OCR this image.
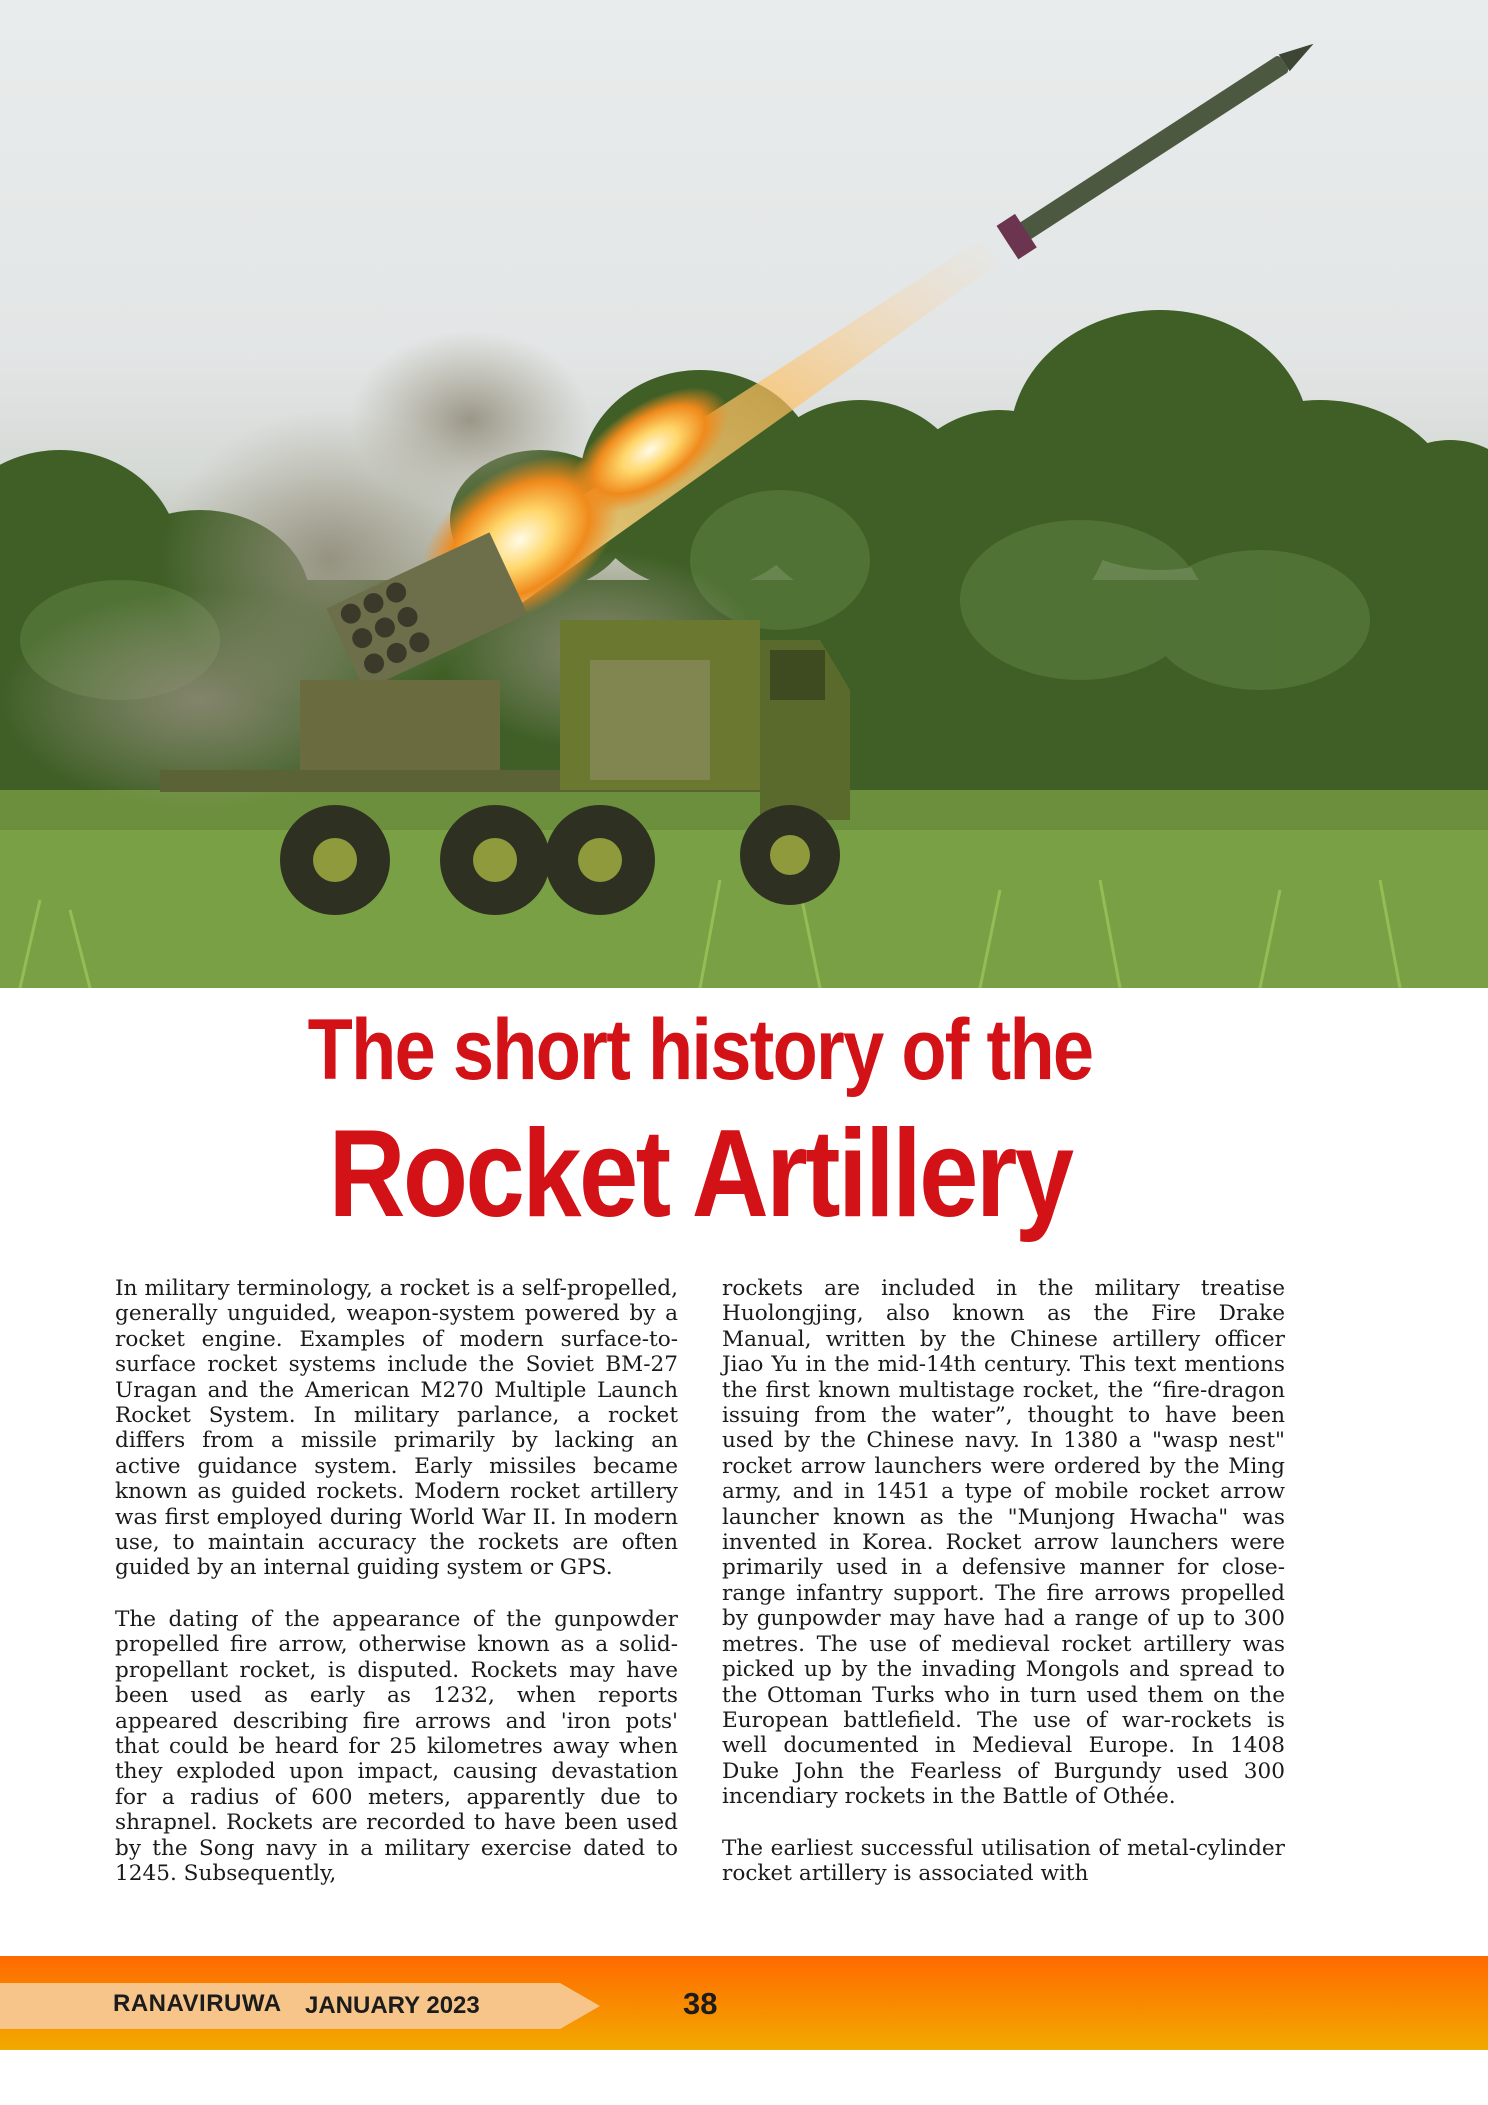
The short history of the
Rocket Artillery

In military terminology, a rocket is a self-propelled, generally unguided, weapon-system powered by a rocket engine. Examples of modern surface-to-surface rocket systems include the Soviet BM-27 Uragan and the American M270 Multiple Launch Rocket System. In military parlance, a rocket differs from a missile primarily by lacking an active guidance system. Early missiles became known as guided rockets. Modern rocket artillery was first employed during World War II. In modern use, to maintain accuracy the rockets are often guided by an internal guiding system or GPS.

The dating of the appearance of the gunpowder propelled fire arrow, otherwise known as a solid-propellant rocket, is disputed. Rockets may have been used as early as 1232, when reports appeared describing fire arrows and 'iron pots' that could be heard for 25 kilometres away when they exploded upon impact, causing devastation for a radius of 600 meters, apparently due to shrapnel. Rockets are recorded to have been used by the Song navy in a military exercise dated to 1245. Subsequently,

rockets are included in the military treatise Huolongjing, also known as the Fire Drake Manual, written by the Chinese artillery officer Jiao Yu in the mid-14th century. This text mentions the first known multistage rocket, the “fire-dragon issuing from the water”, thought to have been used by the Chinese navy. In 1380 a "wasp nest" rocket arrow launchers were ordered by the Ming army, and in 1451 a type of mobile rocket arrow launcher known as the "Munjong Hwacha" was invented in Korea. Rocket arrow launchers were primarily used in a defensive manner for close-range infantry support. The fire arrows propelled by gunpowder may have had a range of up to 300 metres. The use of medieval rocket artillery was picked up by the invading Mongols and spread to the Ottoman Turks who in turn used them on the European battlefield. The use of war-rockets is well documented in Medieval Europe. In 1408 Duke John the Fearless of Burgundy used 300 incendiary rockets in the Battle of Othée.

The earliest successful utilisation of metal-cylinder rocket artillery is associated with

RANAVIRUWA JANUARY 2023	38
